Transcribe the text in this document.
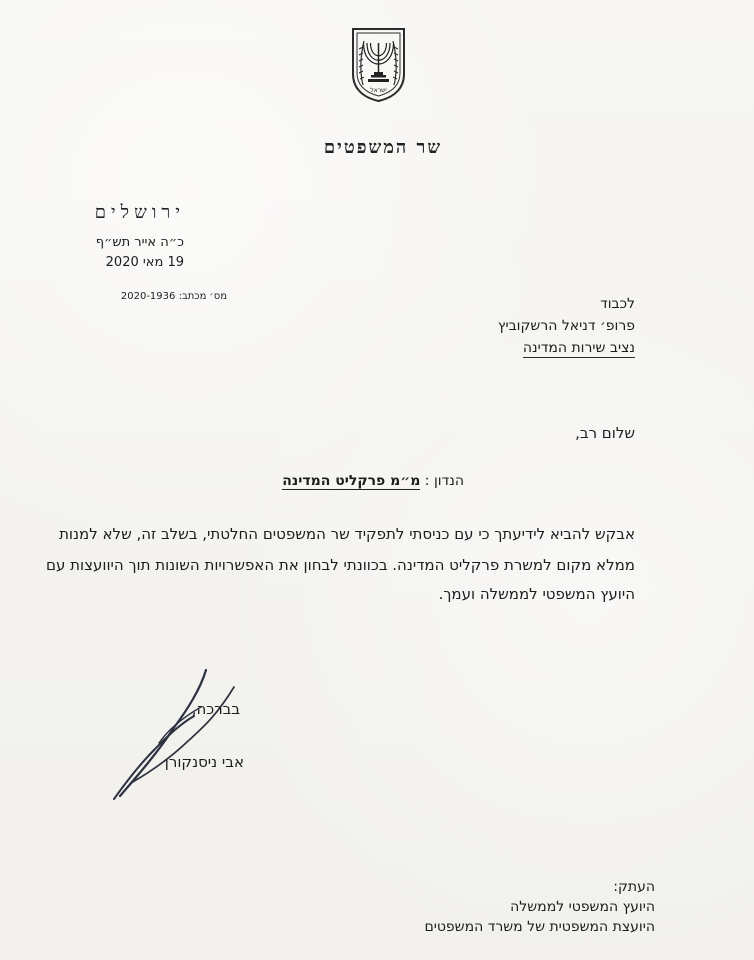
ישראל
שר המשפטים
ירושלים
כ״ה אייר תש״ף
19 מאי 2020
מס׳ מכתב: 2020-1936	לכבוד
פרופ׳ דניאל הרשקוביץ
נציב שירות המדינה
שלום רב,
הנדון : מ״מ פרקליט המדינה
אבקש להביא לידיעתך כי עם כניסתי לתפקיד שר המשפטים החלטתי, בשלב זה, שלא למנות
ממלא מקום למשרת פרקליט המדינה. בכוונתי לבחון את האפשרויות השונות תוך היוועצות עם
היועץ המשפטי לממשלה ועמך.
בברכה,
אבי ניסנקורן
העתק:
היועץ המשפטי לממשלה
היועצת המשפטית של משרד המשפטים
